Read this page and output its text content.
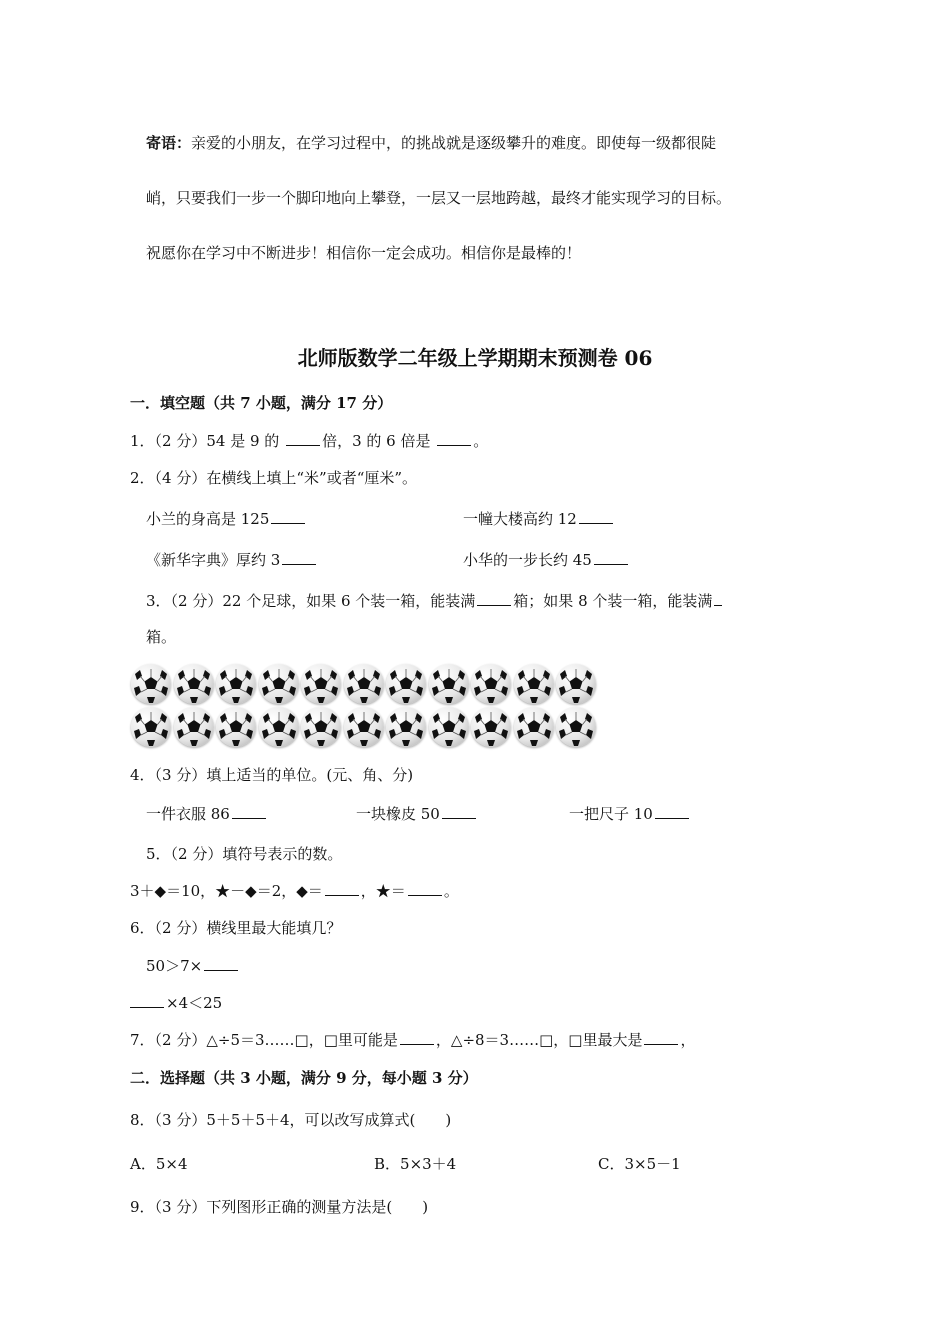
寄语：亲爱的小朋友，在学习过程中，的挑战就是逐级攀升的难度。即使每一级都很陡
峭，只要我们一步一个脚印地向上攀登，一层又一层地跨越，最终才能实现学习的目标。
祝愿你在学习中不断进步！相信你一定会成功。相信你是最棒的！
北师版数学二年级上学期期末预测卷 06
一．填空题（共 7 小题，满分 17 分）
1．（2 分）54 是 9 的	倍，3 的 6 倍是	。
2．（4 分）在横线上填上“米”或者“厘米”。
小兰的身高是 125	一幢大楼高约 12
《新华字典》厚约 3	小华的一步长约 45
3．（2 分）22 个足球，如果 6 个装一箱，能装满	箱；如果 8 个装一箱，能装满
箱。
4．（3 分）填上适当的单位。(元、角、分)
一件衣服 86	一块橡皮 50	一把尺子 10
5．（2 分）填符号表示的数。
3＋◆＝10，★－◆＝2，◆＝	，★＝	。
6．（2 分）横线里最大能填几？
50＞7×
×4＜25
7．（2 分）△÷5＝3……□，□里可能是	，△÷8＝3……□，□里最大是	，
二．选择题（共 3 小题，满分 9 分，每小题 3 分）
8．（3 分）5＋5＋5＋4，可以改写成算式(　　)
A．5×4	B．5×3＋4	C．3×5－1
9．（3 分）下列图形正确的测量方法是(　　)
